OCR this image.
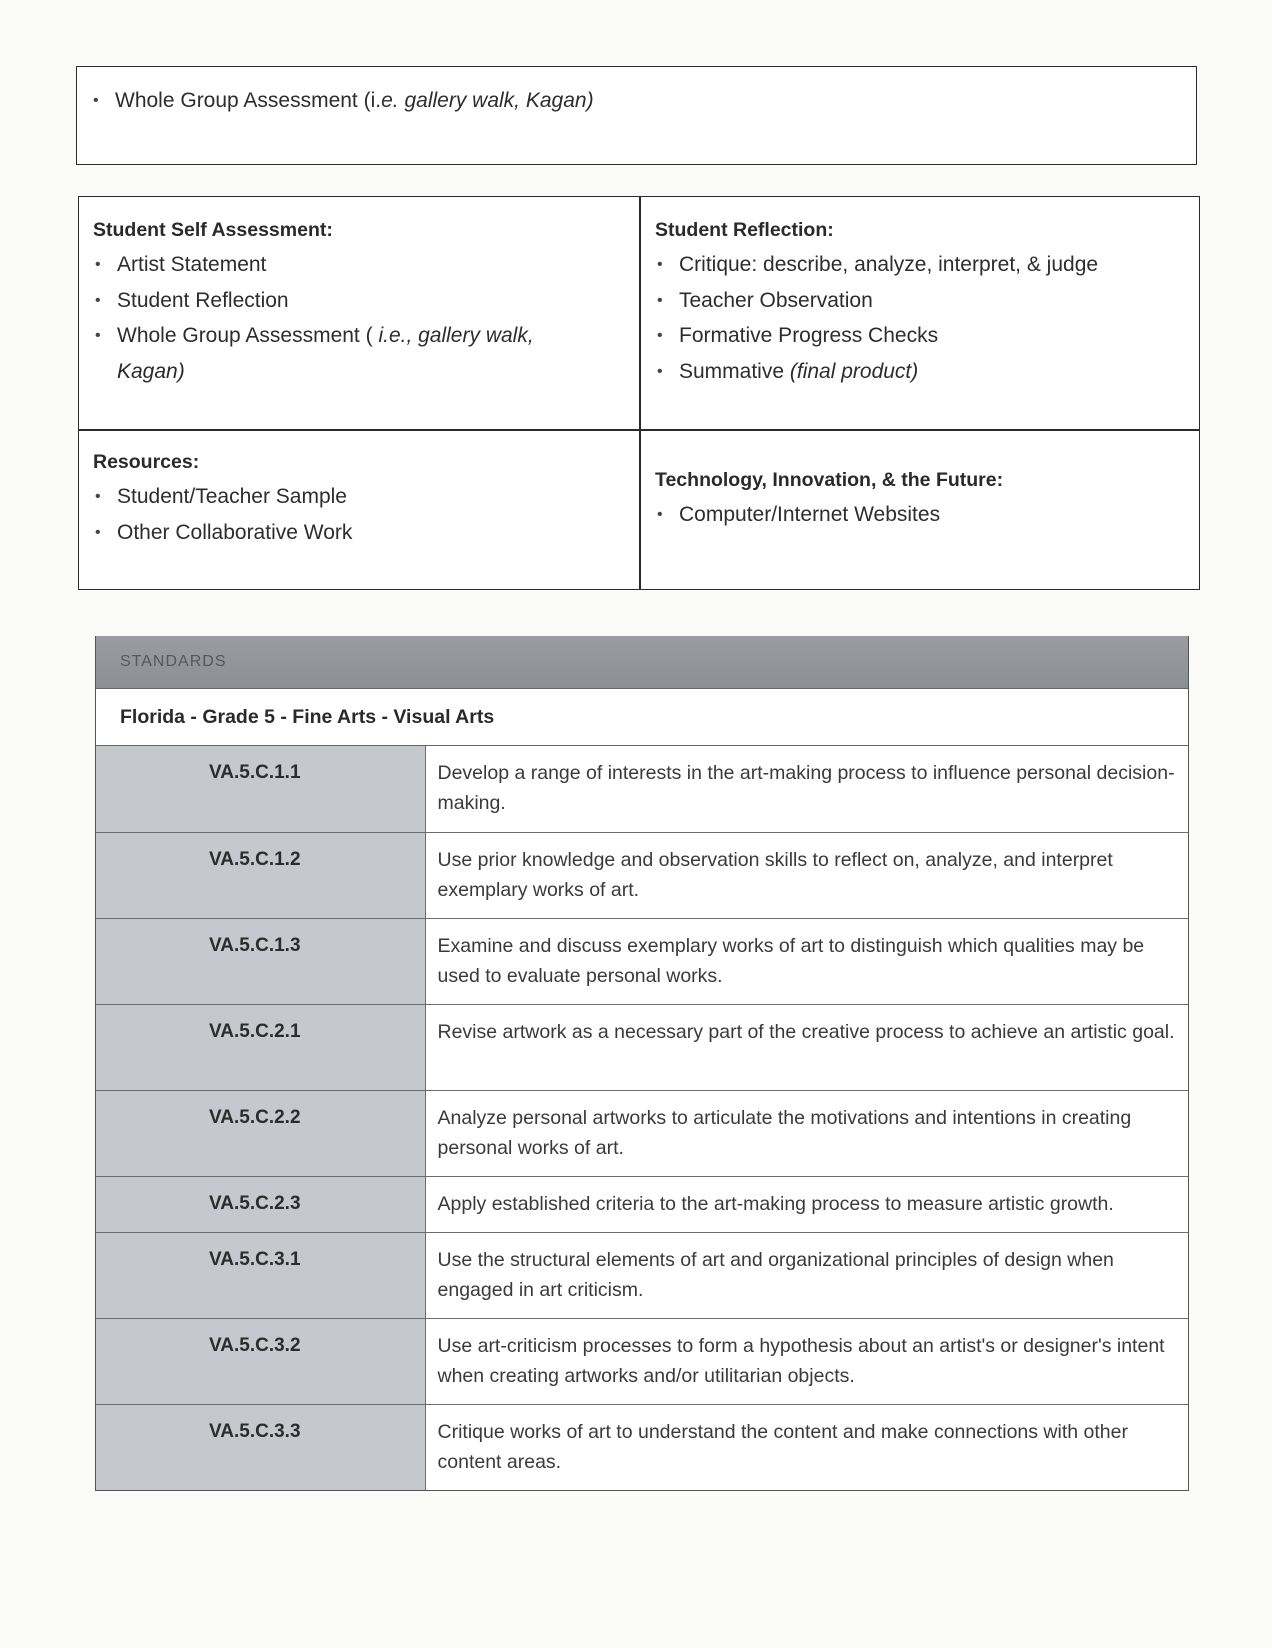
• Whole Group Assessment (i.e. gallery walk, Kagan)
Student Self Assessment:
• Artist Statement
• Student Reflection
• Whole Group Assessment ( i.e., gallery walk,
Kagan)
Student Reflection:
• Critique: describe, analyze, interpret, & judge
• Teacher Observation
• Formative Progress Checks
• Summative (final product)
Resources:
• Student/Teacher Sample
• Other Collaborative Work
Technology, Innovation, & the Future:
• Computer/Internet Websites
STANDARDS
Florida - Grade 5 - Fine Arts - Visual Arts
VA.5.C.1.1	Develop a range of interests in the art-making process to influence personal decision-making.
VA.5.C.1.2	Use prior knowledge and observation skills to reflect on, analyze, and interpret exemplary works of art.
VA.5.C.1.3	Examine and discuss exemplary works of art to distinguish which qualities may be used to evaluate personal works.
VA.5.C.2.1	Revise artwork as a necessary part of the creative process to achieve an artistic goal.
VA.5.C.2.2	Analyze personal artworks to articulate the motivations and intentions in creating personal works of art.
VA.5.C.2.3	Apply established criteria to the art-making process to measure artistic growth.
VA.5.C.3.1	Use the structural elements of art and organizational principles of design when engaged in art criticism.
VA.5.C.3.2	Use art-criticism processes to form a hypothesis about an artist's or designer's intent when creating artworks and/or utilitarian objects.
VA.5.C.3.3	Critique works of art to understand the content and make connections with other content areas.
